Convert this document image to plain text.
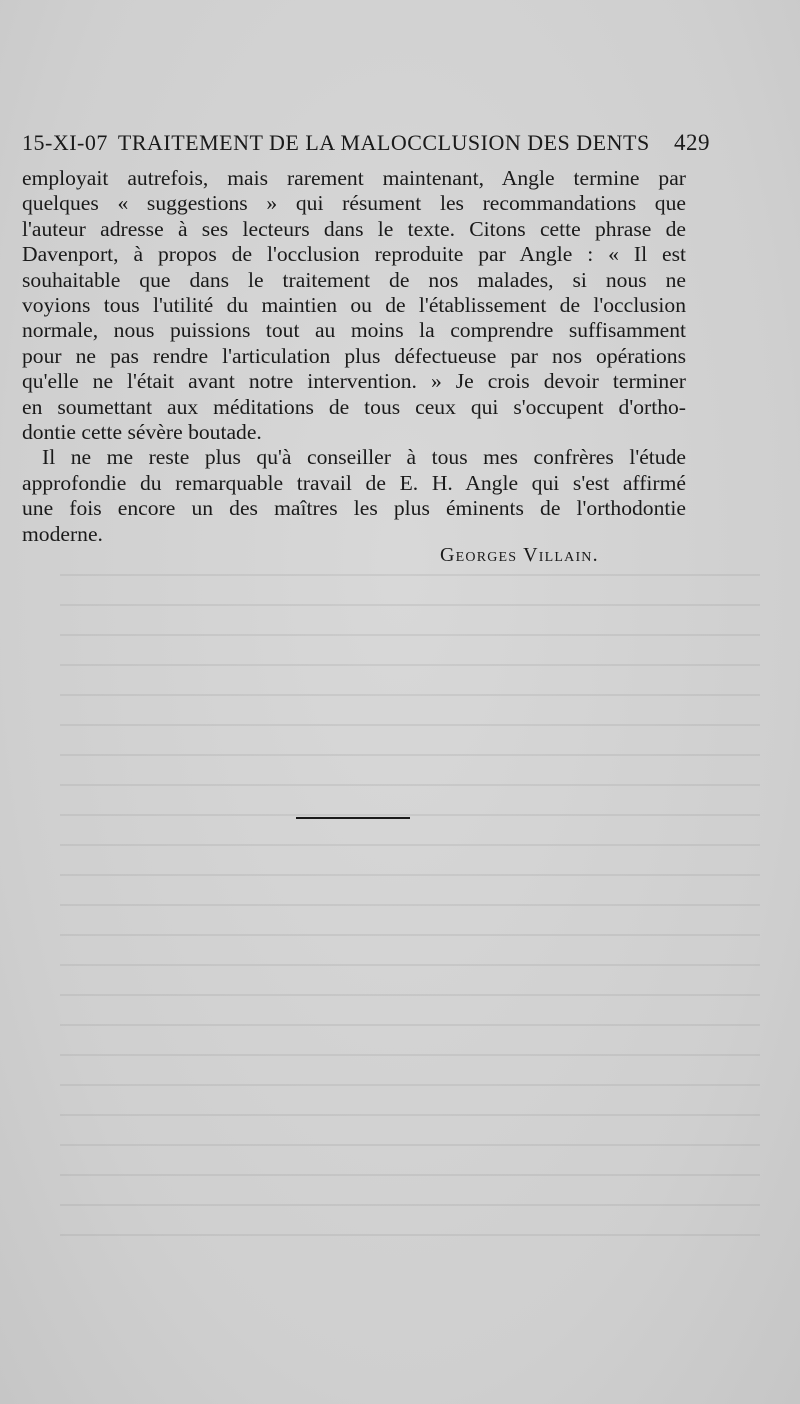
15-XI-07 TRAITEMENT DE LA MALOCCLUSION DES DENTS	429
employait autrefois, mais rarement maintenant, Angle termine par
quelques « suggestions » qui résument les recommandations que
l'auteur adresse à ses lecteurs dans le texte. Citons cette phrase de
Davenport, à propos de l'occlusion reproduite par Angle : « Il est
souhaitable que dans le traitement de nos malades, si nous ne
voyions tous l'utilité du maintien ou de l'établissement de l'occlusion
normale, nous puissions tout au moins la comprendre suffisamment
pour ne pas rendre l'articulation plus défectueuse par nos opérations
qu'elle ne l'était avant notre intervention. » Je crois devoir terminer
en soumettant aux méditations de tous ceux qui s'occupent d'ortho-
dontie cette sévère boutade.
Il ne me reste plus qu'à conseiller à tous mes confrères l'étude
approfondie du remarquable travail de E. H. Angle qui s'est affirmé
une fois encore un des maîtres les plus éminents de l'orthodontie
moderne.
Georges Villain.
